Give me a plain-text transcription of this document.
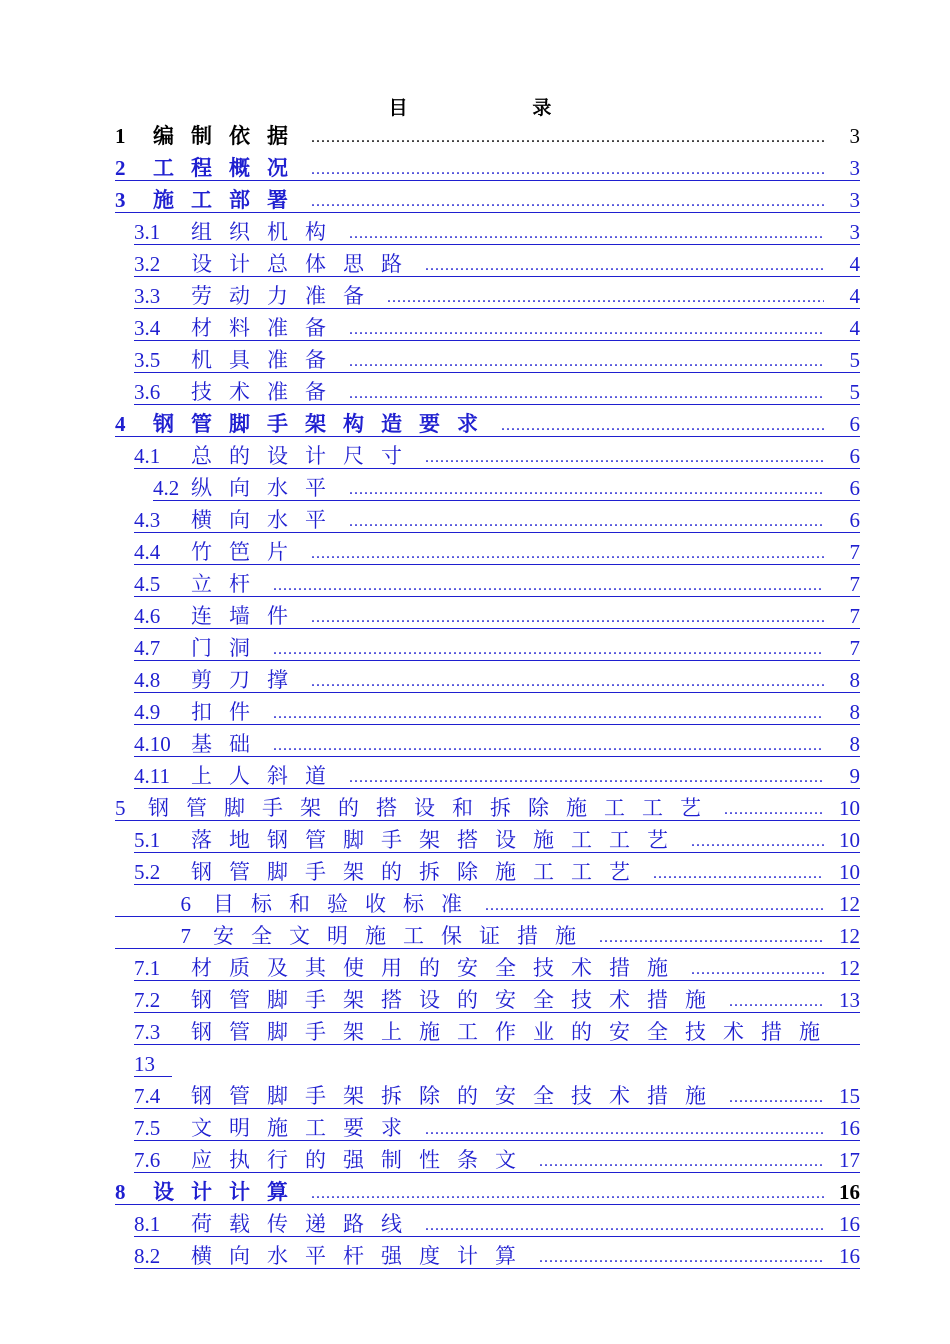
目 录
1	编制依据 .....	3
2	工程概况 .....	3
3	施工部署 .....	3
3.1	组织机构 .....	3
3.2	设计总体思路 .....	4
3.3	劳动力准备 .....	4
3.4	材料准备 .....	4
3.5	机具准备 .....	5
3.6	技术准备 .....	5
4	钢管脚手架构造要求 .....	6
4.1	总的设计尺寸 .....	6
4.2 纵向水平 .....	6
4.3	横向水平 .....	6
4.4	竹笆片 .....	7
4.5	立杆 .....	7
4.6	连墙件 .....	7
4.7	门洞 .....	7
4.8	剪刀撑 .....	8
4.9	扣件 .....	8
4.10 基础 .....	8
4.11	上人斜道 .....	9
5	钢管脚手架的搭设和拆除施工工艺 .....	10
5.1	落地钢管脚手架搭设施工工艺 .....	10
5.2	钢管脚手架的拆除施工工艺 .....	10
6 目标和验收标准 .....	12
7 安全文明施工保证措施 .....	12
7.1	材质及其使用的安全技术措施 .....	12
7.2	钢管脚手架搭设的安全技术措施 .....	13
7.3	钢管脚手架上施工作业的安全技术措施
13
7.4	钢管脚手架拆除的安全技术措施 .....	15
7.5	文明施工要求 .....	16
7.6	应执行的强制性条文 .....	17
8	设计计算 .....	16
8.1	荷载传递路线 .....	16
8.2	横向水平杆强度计算 .....	16
